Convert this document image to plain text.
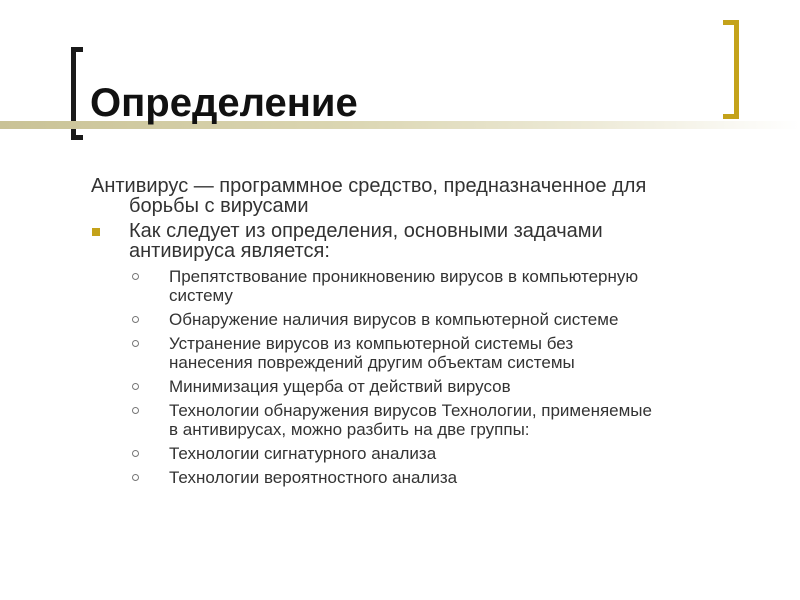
Определение
Антивирус — программное средство, предназначенное для
борьбы с вирусами
Как следует из определения, основными задачами
антивируса является:
Препятствование проникновению вирусов в компьютерную
систему
Обнаружение наличия вирусов в компьютерной системе
Устранение вирусов из компьютерной системы без
нанесения повреждений другим объектам системы
Минимизация ущерба от действий вирусов
Технологии обнаружения вирусов Технологии, применяемые
в антивирусах, можно разбить на две группы:
Технологии сигнатурного анализа
Технологии вероятностного анализа
